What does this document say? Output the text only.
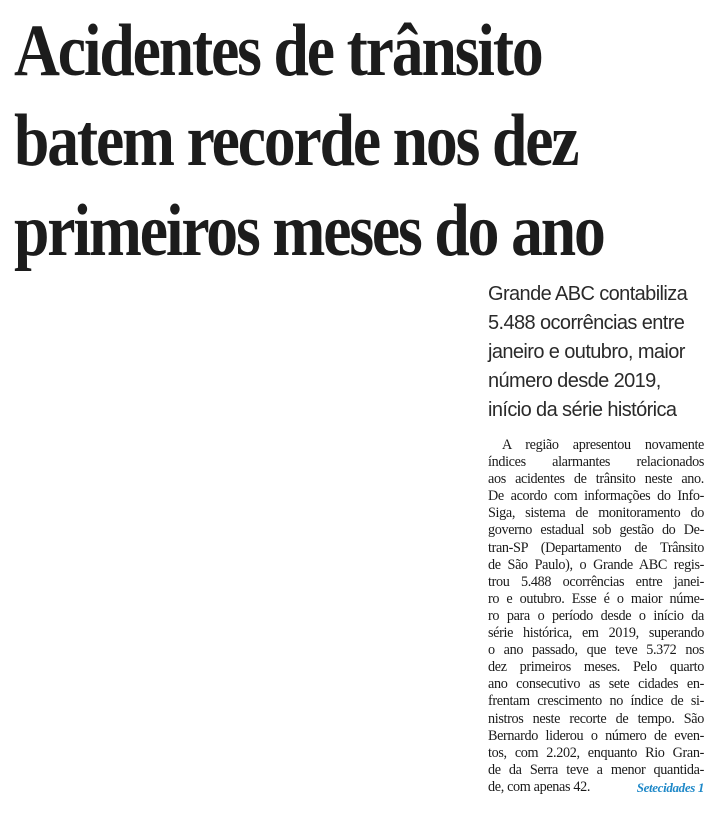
Acidentes de trânsito
batem recorde nos dez
primeiros meses do ano

Grande ABC contabiliza
5.488 ocorrências entre
janeiro e outubro, maior
número desde 2019,
início da série histórica

A região apresentou novamente
índices alarmantes relacionados
aos acidentes de trânsito neste ano.
De acordo com informações do Info-
Siga, sistema de monitoramento do
governo estadual sob gestão do De-
tran-SP (Departamento de Trânsito
de São Paulo), o Grande ABC regis-
trou 5.488 ocorrências entre janei-
ro e outubro. Esse é o maior núme-
ro para o período desde o início da
série histórica, em 2019, superando
o ano passado, que teve 5.372 nos
dez primeiros meses. Pelo quarto
ano consecutivo as sete cidades en-
frentam crescimento no índice de si-
nistros neste recorte de tempo. São
Bernardo liderou o número de even-
tos, com 2.202, enquanto Rio Gran-
de da Serra teve a menor quantida-
de, com apenas 42.	Setecidades 1
